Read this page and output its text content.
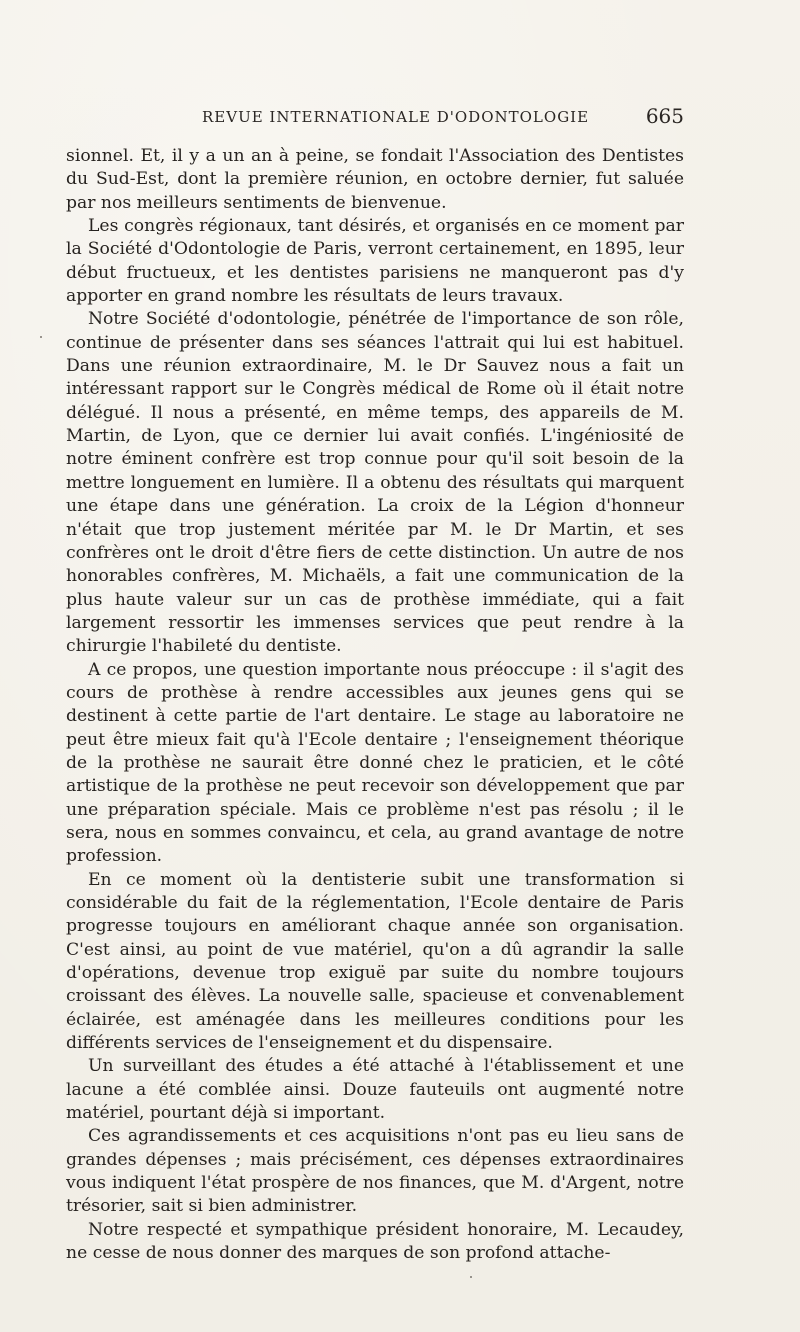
REVUE INTERNATIONALE D'ODONTOLOGIE	665

sionnel. Et, il y a un an à peine, se fondait l'Association des Dentistes du Sud-Est, dont la première réunion, en octobre dernier, fut saluée par nos meilleurs sentiments de bienvenue.

Les congrès régionaux, tant désirés, et organisés en ce moment par la Société d'Odontologie de Paris, verront certainement, en 1895, leur début fructueux, et les dentistes parisiens ne manqueront pas d'y apporter en grand nombre les résultats de leurs travaux.

Notre Société d'odontologie, pénétrée de l'importance de son rôle, continue de présenter dans ses séances l'attrait qui lui est habituel. Dans une réunion extraordinaire, M. le Dr Sauvez nous a fait un intéressant rapport sur le Congrès médical de Rome où il était notre délégué. Il nous a présenté, en même temps, des appareils de M. Martin, de Lyon, que ce dernier lui avait confiés. L'ingéniosité de notre éminent confrère est trop connue pour qu'il soit besoin de la mettre longuement en lumière. Il a obtenu des résultats qui marquent une étape dans une génération. La croix de la Légion d'honneur n'était que trop justement méritée par M. le Dr Martin, et ses confrères ont le droit d'être fiers de cette distinction. Un autre de nos honorables confrères, M. Michaëls, a fait une communication de la plus haute valeur sur un cas de prothèse immédiate, qui a fait largement ressortir les immenses services que peut rendre à la chirurgie l'habileté du dentiste.

A ce propos, une question importante nous préoccupe : il s'agit des cours de prothèse à rendre accessibles aux jeunes gens qui se destinent à cette partie de l'art dentaire. Le stage au laboratoire ne peut être mieux fait qu'à l'Ecole dentaire ; l'enseignement théorique de la prothèse ne saurait être donné chez le praticien, et le côté artistique de la prothèse ne peut recevoir son développement que par une préparation spéciale. Mais ce problème n'est pas résolu ; il le sera, nous en sommes convaincu, et cela, au grand avantage de notre profession.

En ce moment où la dentisterie subit une transformation si considérable du fait de la réglementation, l'Ecole dentaire de Paris progresse toujours en améliorant chaque année son organisation. C'est ainsi, au point de vue matériel, qu'on a dû agrandir la salle d'opérations, devenue trop exiguë par suite du nombre toujours croissant des élèves. La nouvelle salle, spacieuse et convenablement éclairée, est aménagée dans les meilleures conditions pour les différents services de l'enseignement et du dispensaire.

Un surveillant des études a été attaché à l'établissement et une lacune a été comblée ainsi. Douze fauteuils ont augmenté notre matériel, pourtant déjà si important.

Ces agrandissements et ces acquisitions n'ont pas eu lieu sans de grandes dépenses ; mais précisément, ces dépenses extraordinaires vous indiquent l'état prospère de nos finances, que M. d'Argent, notre trésorier, sait si bien administrer.

Notre respecté et sympathique président honoraire, M. Lecaudey, ne cesse de nous donner des marques de son profond attache-
